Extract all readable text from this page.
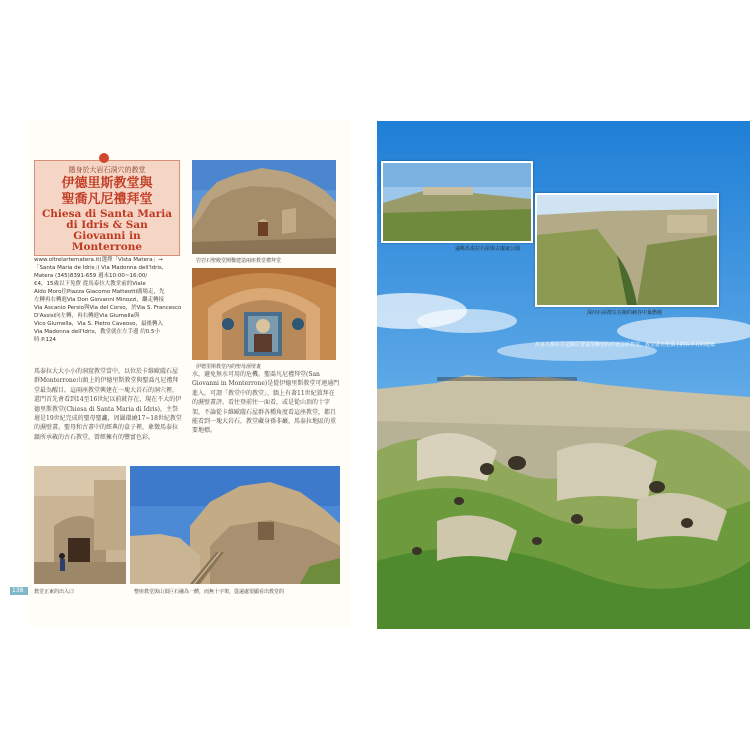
隱身於大岩石洞穴的教堂
伊德里斯教堂與
聖喬凡尼禮拜堂
Chiesa di Santa Maria di Idris & San Giovanni in Monterrone
www.oltrelartematera.it(選擇「Vista Matera」→
「Santa Maria de Idris」) Via Madonna dell'Idris,
Matera (345)8391-659 週末10:00~16:00/
€4，15歲以下免費 從馬泰拉大教堂前的Viale
Aldo Moro往Piazza Giacomo Matteotti廣場走，先
左轉再右轉進Via Don Giovanni Minozzi，繼走轉接
Via Ascanio Persio與Via del Corso，於Via S. Francesco
D'Assisi向左轉，再右轉進Via Giumella與
Vico Giumella，Via S. Pietro Caveoso，最後轉入
Via Madonna dell'Idris，教堂就在左手邊 約0.5小
時 P.124
岩岩石聖殿堂開鑿建造兩座教堂禮拜堂
伊德里斯教堂內的聖母溼壁畫
馬泰拉大大小小的洞窟教堂當中，以位於卡維歐薩石屋群Monterrone山頭上的伊德里斯教堂與聖喬凡尼禮拜堂最為醒目。這兩座教堂興建在一塊大岩石的洞穴裡，還門首先會看到14至16世紀以前就存在，現在不大的伊德里斯教堂(Chiesa di Santa Maria di Idris)，主祭壇是19世紀完成的聖母聖龕，周圍環繞17~18世紀教堂的濕壁畫。聖母和古畫中的經典的盒子裡，象徵馬泰拉鎮所承載的古石教堂，曾經擁有的豐富色彩。
水，避免無水可用的危機。聖喬凡尼禮拜堂(San Giovanni in Monterrone)是從伊德里斯教堂可連通門進入，可謂「教堂中的教堂」，牆上有著11世紀敘拜在的濕壁畫評。看往登前往一面看，或是從山頂的十字架，不論從卡維歐薩石屋群各種角度看這座教堂，都且能看到一塊大岩石，教堂藏身孫非巖，馬泰拉地區的重要地標。
教堂正東的出入口	整座教堂與山頂巨石融為一體，而無十字架，從遠處很顯看出教堂的
138
遠眺馬泰拉石屋與古國家公園
深河石屋群位在險的峽谷中巢燃燒
許多人都在在這個位置遠望瞭望的伊德里斯教堂，教堂就在崖頂上的右下方的建築
